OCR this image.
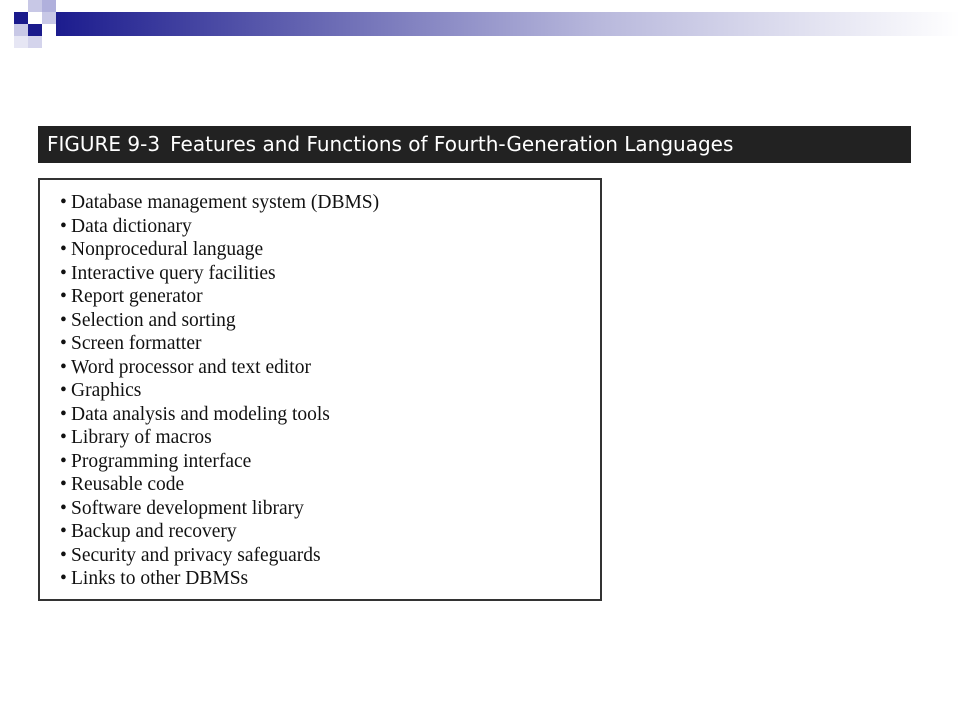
FIGURE 9-3 Features and Functions of Fourth-Generation Languages
• Database management system (DBMS)
• Data dictionary
• Nonprocedural language
• Interactive query facilities
• Report generator
• Selection and sorting
• Screen formatter
• Word processor and text editor
• Graphics
• Data analysis and modeling tools
• Library of macros
• Programming interface
• Reusable code
• Software development library
• Backup and recovery
• Security and privacy safeguards
• Links to other DBMSs
